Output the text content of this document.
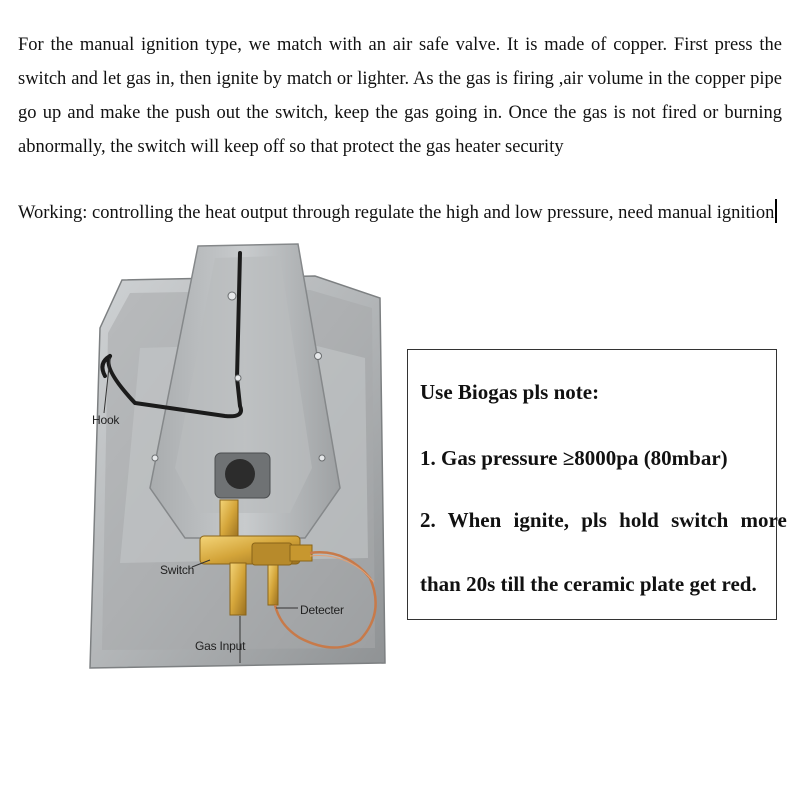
For the manual ignition type, we match with an air safe valve. It is made of copper. First press the switch and let gas in, then ignite by match or lighter. As the gas is firing ,air volume in the copper pipe go up and make the push out the switch, keep the gas going in. Once the gas is not fired or burning abnormally, the switch will keep off so that protect the gas heater security

Working: controlling the heat output through regulate the high and low pressure, need manual ignition

Hook
Switch
Detecter
Gas Input

Use Biogas pls note:

1. Gas pressure ≥8000pa (80mbar)

2. When ignite, pls hold switch more

than 20s till the ceramic plate get red.
